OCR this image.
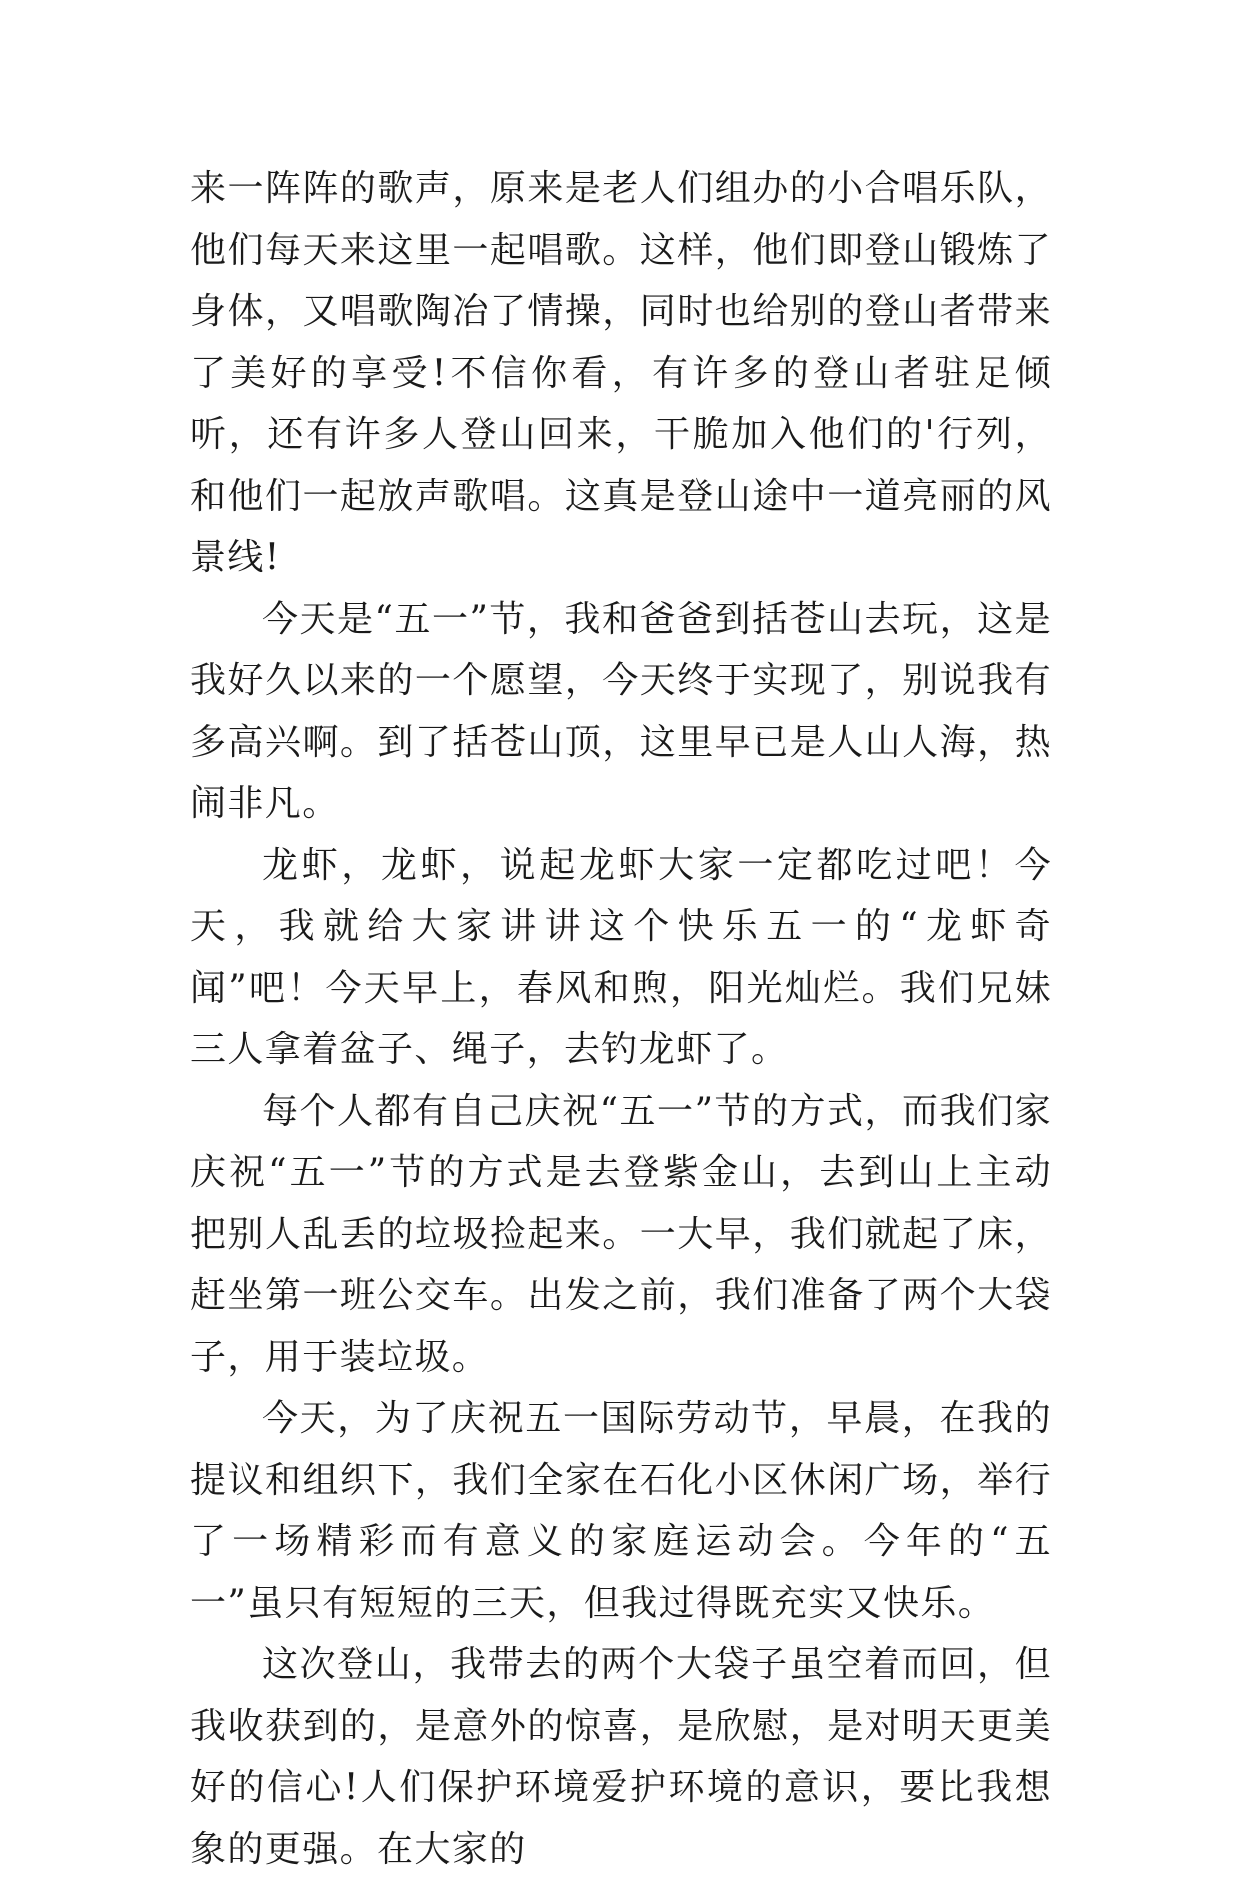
来一阵阵的歌声，原来是老人们组办的小合唱乐队，他们每天来这里一起唱歌。这样，他们即登山锻炼了身体，又唱歌陶冶了情操，同时也给别的登山者带来了美好的享受!不信你看，有许多的登山者驻足倾听，还有许多人登山回来，干脆加入他们的'行列，和他们一起放声歌唱。这真是登山途中一道亮丽的风景线!

今天是“五一”节，我和爸爸到括苍山去玩，这是我好久以来的一个愿望，今天终于实现了，别说我有多高兴啊。到了括苍山顶，这里早已是人山人海，热闹非凡。

龙虾，龙虾，说起龙虾大家一定都吃过吧！今天，我就给大家讲讲这个快乐五一的“龙虾奇闻”吧！今天早上，春风和煦，阳光灿烂。我们兄妹三人拿着盆子、绳子，去钓龙虾了。

每个人都有自己庆祝“五一”节的方式，而我们家庆祝“五一”节的方式是去登紫金山，去到山上主动把别人乱丢的垃圾捡起来。一大早，我们就起了床，赶坐第一班公交车。出发之前，我们准备了两个大袋子，用于装垃圾。

今天，为了庆祝五一国际劳动节，早晨，在我的提议和组织下，我们全家在石化小区休闲广场，举行了一场精彩而有意义的家庭运动会。今年的“五一”虽只有短短的三天，但我过得既充实又快乐。

这次登山，我带去的两个大袋子虽空着而回，但我收获到的，是意外的惊喜，是欣慰，是对明天更美好的信心!人们保护环境爱护环境的意识，要比我想象的更强。在大家的
